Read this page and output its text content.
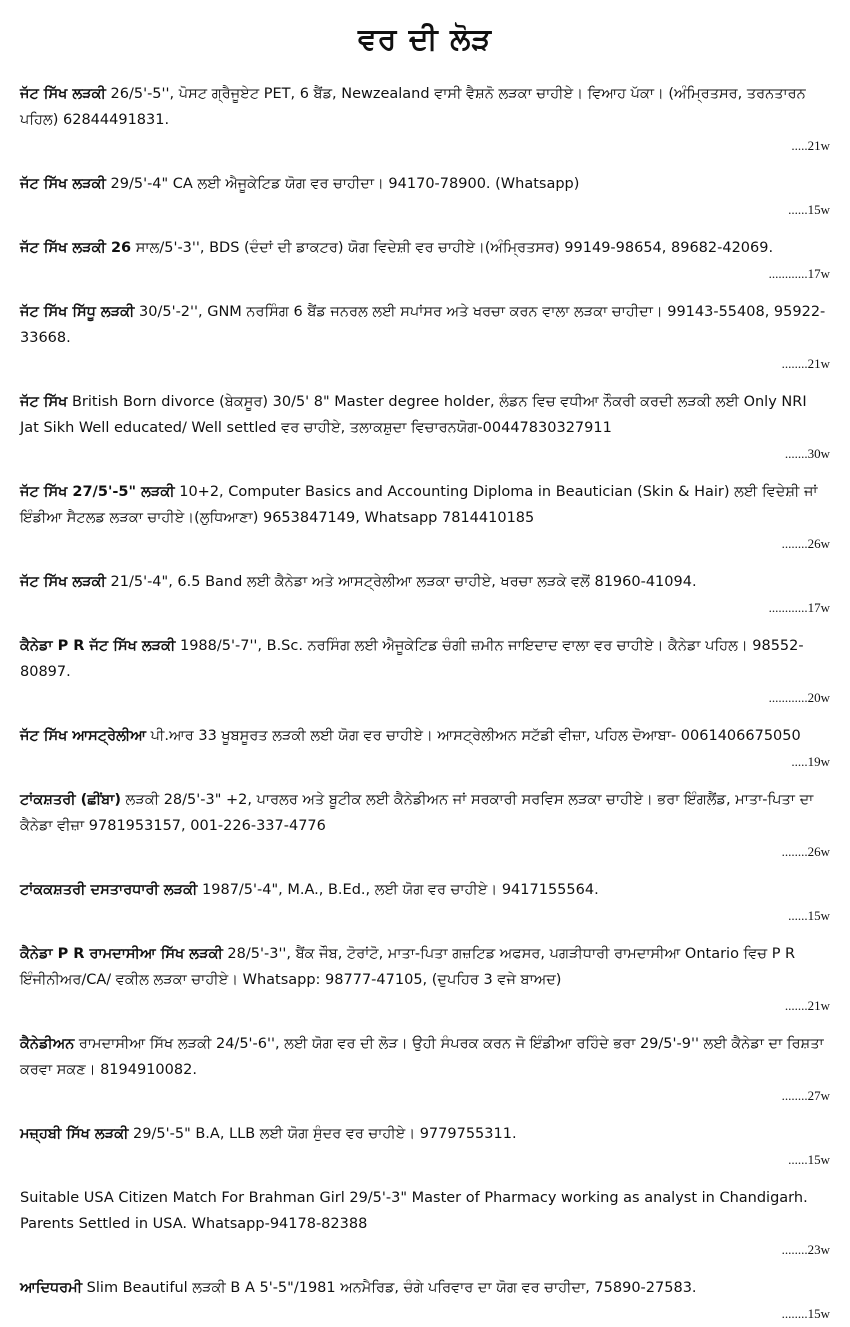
ਵਰ ਦੀ ਲੋੜ
ਜੱਟ ਸਿੱਖ ਲੜਕੀ 26/5'-5'', ਪੋਸਟ ਗ੍ਰੈਜੂਏਟ PET, 6 ਬੈਂਡ, Newzealand ਵਾਸੀ ਵੈਸ਼ਨੋ ਲੜਕਾ ਚਾਹੀਏ। ਵਿਆਹ ਪੱਕਾ। (ਅੰਮ੍ਰਿਤਸਰ, ਤਰਨਤਾਰਨ ਪਹਿਲ) 62844491831.
.....21w
ਜੱਟ ਸਿੱਖ ਲੜਕੀ 29/5'-4" CA ਲਈ ਐਜੂਕੇਟਿਡ ਯੋਗ ਵਰ ਚਾਹੀਦਾ। 94170-78900. (Whatsapp)
......15w
ਜੱਟ ਸਿੱਖ ਲੜਕੀ 26 ਸਾਲ/5'-3'', BDS (ਦੰਦਾਂ ਦੀ ਡਾਕਟਰ) ਯੋਗ ਵਿਦੇਸ਼ੀ ਵਰ ਚਾਹੀਏ।(ਅੰਮ੍ਰਿਤਸਰ) 99149-98654, 89682-42069.
............17w
ਜੱਟ ਸਿੱਖ ਸਿੱਧੂ ਲੜਕੀ 30/5'-2'', GNM ਨਰਸਿੰਗ 6 ਬੈਂਡ ਜਨਰਲ ਲਈ ਸਪਾਂਸਰ ਅਤੇ ਖਰਚਾ ਕਰਨ ਵਾਲਾ ਲੜਕਾ ਚਾਹੀਦਾ। 99143-55408, 95922-33668.
........21w
ਜੱਟ ਸਿੱਖ British Born divorce (ਬੇਕਸੂਰ) 30/5' 8" Master degree holder, ਲੰਡਨ ਵਿਚ ਵਧੀਆ ਨੌਕਰੀ ਕਰਦੀ ਲੜਕੀ ਲਈ Only NRI Jat Sikh Well educated/ Well settled ਵਰ ਚਾਹੀਏ, ਤਲਾਕਸ਼ੁਦਾ ਵਿਚਾਰਨਯੋਗ-00447830327911
.......30w
ਜੱਟ ਸਿੱਖ 27/5'-5" ਲੜਕੀ 10+2, Computer Basics and Accounting Diploma in Beautician (Skin & Hair) ਲਈ ਵਿਦੇਸ਼ੀ ਜਾਂ ਇੰਡੀਆ ਸੈਟਲਡ ਲੜਕਾ ਚਾਹੀਏ।(ਲੁਧਿਆਣਾ) 9653847149, Whatsapp 7814410185
........26w
ਜੱਟ ਸਿੱਖ ਲੜਕੀ 21/5'-4", 6.5 Band ਲਈ ਕੈਨੇਡਾ ਅਤੇ ਆਸਟ੍ਰੇਲੀਆ ਲੜਕਾ ਚਾਹੀਏ, ਖਰਚਾ ਲੜਕੇ ਵਲੋਂ 81960-41094.
............17w
ਕੈਨੇਡਾ P R ਜੱਟ ਸਿੱਖ ਲੜਕੀ 1988/5'-7'', B.Sc. ਨਰਸਿੰਗ ਲਈ ਐਜੂਕੇਟਿਡ ਚੰਗੀ ਜ਼ਮੀਨ ਜਾਇਦਾਦ ਵਾਲਾ ਵਰ ਚਾਹੀਏ। ਕੈਨੇਡਾ ਪਹਿਲ। 98552-80897.
............20w
ਜੱਟ ਸਿੱਖ ਆਸਟ੍ਰੇਲੀਆ ਪੀ.ਆਰ 33 ਖੂਬਸੂਰਤ ਲੜਕੀ ਲਈ ਯੋਗ ਵਰ ਚਾਹੀਏ। ਆਸਟ੍ਰੇਲੀਅਨ ਸਟੱਡੀ ਵੀਜ਼ਾ, ਪਹਿਲ ਦੋਆਬਾ- 0061406675050
.....19w
ਟਾਂਕਸ਼ਤਰੀ (ਛੀਂਬਾ) ਲੜਕੀ 28/5'-3" +2, ਪਾਰਲਰ ਅਤੇ ਬੂਟੀਕ ਲਈ ਕੈਨੇਡੀਅਨ ਜਾਂ ਸਰਕਾਰੀ ਸਰਵਿਸ ਲੜਕਾ ਚਾਹੀਏ। ਭਰਾ ਇੰਗਲੈਂਡ, ਮਾਤਾ-ਪਿਤਾ ਦਾ ਕੈਨੇਡਾ ਵੀਜ਼ਾ 9781953157, 001-226-337-4776
........26w
ਟਾਂਕਕਸ਼ਤਰੀ ਦਸਤਾਰਧਾਰੀ ਲੜਕੀ 1987/5'-4", M.A., B.Ed., ਲਈ ਯੋਗ ਵਰ ਚਾਹੀਏ। 9417155564.
......15w
ਕੈਨੇਡਾ P R ਰਾਮਦਾਸੀਆ ਸਿੱਖ ਲੜਕੀ 28/5'-3'', ਬੈਂਕ ਜੌਬ, ਟੋਰਾਂਟੋ, ਮਾਤਾ-ਪਿਤਾ ਗਜ਼ਟਿਡ ਅਫਸਰ, ਪਗੜੀਧਾਰੀ ਰਾਮਦਾਸੀਆ Ontario ਵਿਚ P R ਇੰਜੀਨੀਅਰ/CA/ ਵਕੀਲ ਲੜਕਾ ਚਾਹੀਏ। Whatsapp: 98777-47105, (ਦੁਪਹਿਰ 3 ਵਜੇ ਬਾਅਦ)
.......21w
ਕੈਨੇਡੀਅਨ ਰਾਮਦਾਸੀਆ ਸਿੱਖ ਲੜਕੀ 24/5'-6'', ਲਈ ਯੋਗ ਵਰ ਦੀ ਲੋੜ। ਉਹੀ ਸੰਪਰਕ ਕਰਨ ਜੋ ਇੰਡੀਆ ਰਹਿੰਦੇ ਭਰਾ 29/5'-9'' ਲਈ ਕੈਨੇਡਾ ਦਾ ਰਿਸ਼ਤਾ ਕਰਵਾ ਸਕਣ। 8194910082.
........27w
ਮਜ਼੍ਹਬੀ ਸਿੱਖ ਲੜਕੀ 29/5'-5" B.A, LLB ਲਈ ਯੋਗ ਸੁੰਦਰ ਵਰ ਚਾਹੀਏ। 9779755311.
......15w
Suitable USA Citizen Match For Brahman Girl 29/5'-3" Master of Pharmacy working as analyst in Chandigarh. Parents Settled in USA. Whatsapp-94178-82388
........23w
ਆਦਿਧਰਮੀ Slim Beautiful ਲੜਕੀ B A 5'-5"/1981 ਅਨਮੈਰਿਡ, ਚੰਗੇ ਪਰਿਵਾਰ ਦਾ ਯੋਗ ਵਰ ਚਾਹੀਦਾ, 75890-27583.
........15w
